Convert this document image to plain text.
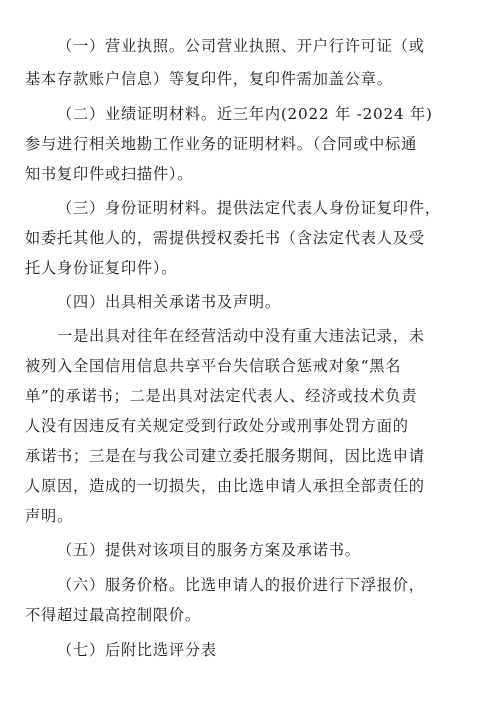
（一）营业执照。公司营业执照、开户行许可证（或
基本存款账户信息）等复印件，复印件需加盖公章。
（二）业绩证明材料。近三年内(2022 年 -2024 年)
参与进行相关地勘工作业务的证明材料。（合同或中标通
知书复印件或扫描件）。
（三）身份证明材料。提供法定代表人身份证复印件，
如委托其他人的，需提供授权委托书（含法定代表人及受
托人身份证复印件）。
（四）出具相关承诺书及声明。
一是出具对往年在经营活动中没有重大违法记录，未
被列入全国信用信息共享平台失信联合惩戒对象“黑名
单”的承诺书；二是出具对法定代表人、经济或技术负责
人没有因违反有关规定受到行政处分或刑事处罚方面的
承诺书；三是在与我公司建立委托服务期间，因比选申请
人原因，造成的一切损失，由比选申请人承担全部责任的
声明。
（五）提供对该项目的服务方案及承诺书。
（六）服务价格。比选申请人的报价进行下浮报价，
不得超过最高控制限价。
（七）后附比选评分表
